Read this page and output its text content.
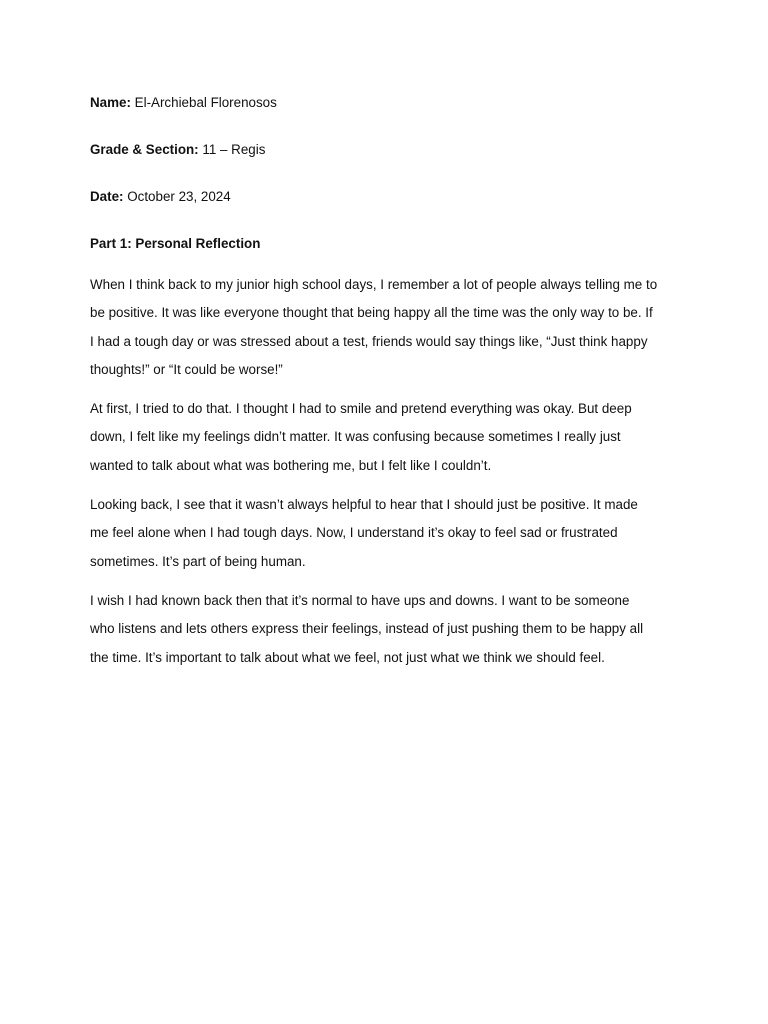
Name: El-Archiebal Florenosos

Grade & Section: 11 – Regis

Date: October 23, 2024

Part 1: Personal Reflection

When I think back to my junior high school days, I remember a lot of people always telling me to
be positive. It was like everyone thought that being happy all the time was the only way to be. If
I had a tough day or was stressed about a test, friends would say things like, “Just think happy
thoughts!” or “It could be worse!”

At first, I tried to do that. I thought I had to smile and pretend everything was okay. But deep
down, I felt like my feelings didn’t matter. It was confusing because sometimes I really just
wanted to talk about what was bothering me, but I felt like I couldn’t.

Looking back, I see that it wasn’t always helpful to hear that I should just be positive. It made
me feel alone when I had tough days. Now, I understand it’s okay to feel sad or frustrated
sometimes. It’s part of being human.

I wish I had known back then that it’s normal to have ups and downs. I want to be someone
who listens and lets others express their feelings, instead of just pushing them to be happy all
the time. It’s important to talk about what we feel, not just what we think we should feel.
